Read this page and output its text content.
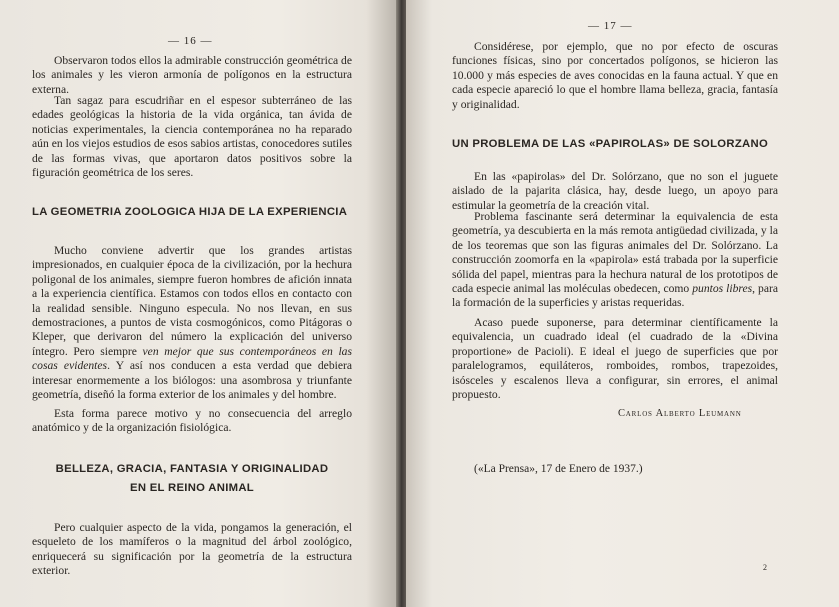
— 16 —

Observaron todos ellos la admirable construcción geométrica de los animales y les vieron armonía de polígonos en la estructura externa.

Tan sagaz para escudriñar en el espesor subterráneo de las edades geológicas la historia de la vida orgánica, tan ávida de noticias experimentales, la ciencia contemporánea no ha reparado aún en los viejos estudios de esos sabios artistas, conocedores sutiles de las formas vivas, que aportaron datos positivos sobre la figuración geométrica de los seres.

LA GEOMETRIA ZOOLOGICA HIJA DE LA EXPERIENCIA

Mucho conviene advertir que los grandes artistas impresionados, en cualquier época de la civilización, por la hechura poligonal de los animales, siempre fueron hombres de afición innata a la experiencia científica. Estamos con todos ellos en contacto con la realidad sensible. Ninguno especula. No nos llevan, en sus demostraciones, a puntos de vista cosmogónicos, como Pitágoras o Kleper, que derivaron del número la explicación del universo íntegro. Pero siempre ven mejor que sus contemporáneos en las cosas evidentes. Y así nos conducen a esta verdad que debiera interesar enormemente a los biólogos: una asombrosa y triunfante geometría, diseñó la forma exterior de los animales y del hombre.

Esta forma parece motivo y no consecuencia del arreglo anatómico y de la organización fisiológica.

BELLEZA, GRACIA, FANTASIA Y ORIGINALIDAD
EN EL REINO ANIMAL

Pero cualquier aspecto de la vida, pongamos la generación, el esqueleto de los mamíferos o la magnitud del árbol zoológico, enriquecerá su significación por la geometría de la estructura exterior.

— 17 —

Considérese, por ejemplo, que no por efecto de oscuras funciones físicas, sino por concertados polígonos, se hicieron las 10.000 y más especies de aves conocidas en la fauna actual. Y que en cada especie apareció lo que el hombre llama belleza, gracia, fantasía y originalidad.

UN PROBLEMA DE LAS «PAPIROLAS» DE SOLORZANO

En las «papirolas» del Dr. Solórzano, que no son el juguete aislado de la pajarita clásica, hay, desde luego, un apoyo para estimular la geometría de la creación vital.

Problema fascinante será determinar la equivalencia de esta geometría, ya descubierta en la más remota antigüedad civilizada, y la de los teoremas que son las figuras animales del Dr. Solórzano. La construcción zoomorfa en la «papirola» está trabada por la superficie sólida del papel, mientras para la hechura natural de los prototipos de cada especie animal las moléculas obedecen, como puntos libres, para la formación de la superficies y aristas requeridas.

Acaso puede suponerse, para determinar científicamente la equivalencia, un cuadrado ideal (el cuadrado de la «Divina proportione» de Pacioli). E ideal el juego de superficies que por paralelogramos, equiláteros, romboides, rombos, trapezoides, isósceles y escalenos lleva a configurar, sin errores, el animal propuesto.

Carlos Alberto Leumann
(«La Prensa», 17 de Enero de 1937.)
2
